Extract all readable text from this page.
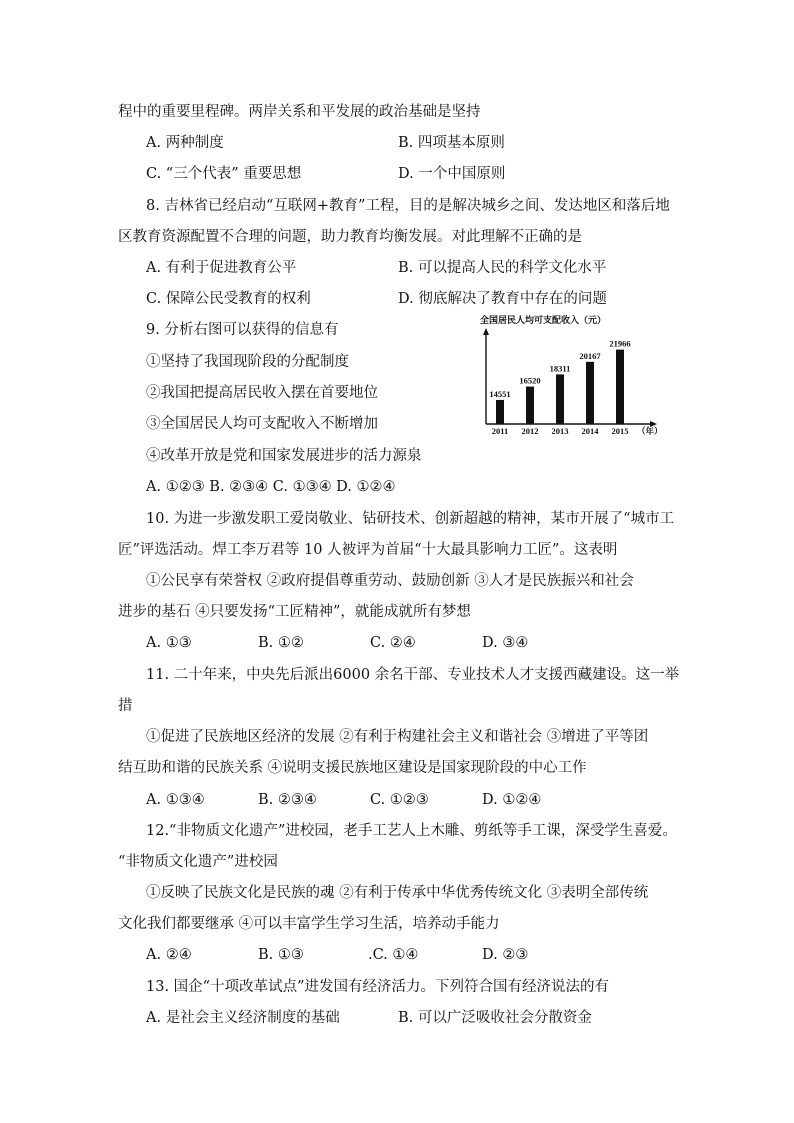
程中的重要里程碑。两岸关系和平发展的政治基础是坚持
A. 两种制度	B. 四项基本原则
C. “三个代表” 重要思想	D. 一个中国原则
8. 吉林省已经启动“互联网+教育”工程，目的是解决城乡之间、发达地区和落后地
区教育资源配置不合理的问题，助力教育均衡发展。对此理解不正确的是
A. 有利于促进教育公平	B. 可以提高人民的科学文化水平
C. 保障公民受教育的权利	D. 彻底解决了教育中存在的问题
9. 分析右图可以获得的信息有
①坚持了我国现阶段的分配制度
②我国把提高居民收入摆在首要地位
③全国居民人均可支配收入不断增加
④改革开放是党和国家发展进步的活力源泉
A. ①②③ B. ②③④ C. ①③④ D. ①②④
全国居民人均可支配收入（元）
14551
2011
16520
2012
18311
2013
20167
2014
21966
2015 （年）
10. 为进一步激发职工爱岗敬业、钻研技术、创新超越的精神，某市开展了“城市工
匠”评选活动。焊工李万君等 10 人被评为首届“十大最具影响力工匠”。这表明
①公民享有荣誉权 ②政府提倡尊重劳动、鼓励创新 ③人才是民族振兴和社会
进步的基石 ④只要发扬“工匠精神”，就能成就所有梦想
A. ①③	B. ①②	C. ②④	D. ③④
11. 二十年来，中央先后派出6000 余名干部、专业技术人才支援西藏建设。这一举
措
①促进了民族地区经济的发展 ②有利于构建社会主义和谐社会 ③增进了平等团
结互助和谐的民族关系 ④说明支援民族地区建设是国家现阶段的中心工作
A. ①③④	B. ②③④	C. ①②③	D. ①②④
12.“非物质文化遗产”进校园，老手工艺人上木雕、剪纸等手工课，深受学生喜爱。
“非物质文化遗产”进校园
①反映了民族文化是民族的魂 ②有利于传承中华优秀传统文化 ③表明全部传统
文化我们都要继承 ④可以丰富学生学习生活，培养动手能力
A. ②④	B. ①③	.C. ①④	D. ②③
13. 国企“十项改革试点”进发国有经济活力。下列符合国有经济说法的有
A. 是社会主义经济制度的基础	B. 可以广泛吸收社会分散资金
